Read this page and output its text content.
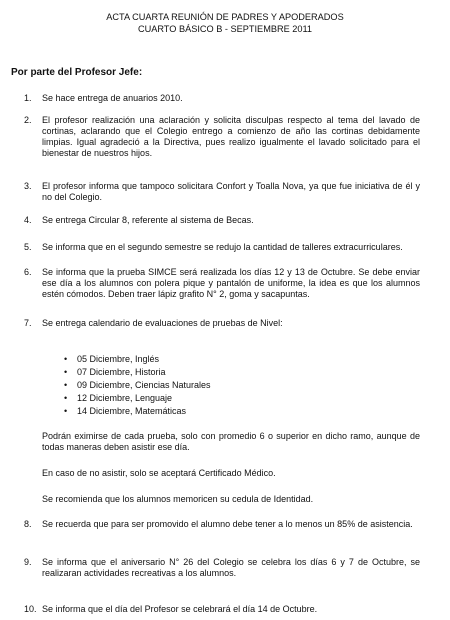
ACTA CUARTA REUNIÓN DE PADRES Y APODERADOS
CUARTO BÁSICO B - SEPTIEMBRE 2011
Por parte del Profesor Jefe:
1.	Se hace entrega de anuarios 2010.
2.	El profesor realización una aclaración y solicita disculpas respecto al tema del lavado de cortinas, aclarando que el Colegio entrego a comienzo de año las cortinas debidamente limpias. Igual agradeció a la Directiva, pues realizo igualmente el lavado solicitado para el bienestar de nuestros hijos.
3.	El profesor informa que tampoco solicitara Confort y Toalla Nova, ya que fue iniciativa de él y no del Colegio.
4.	Se entrega Circular 8, referente al sistema de Becas.
5.	Se informa que en el segundo semestre se redujo la cantidad de talleres extracurriculares.
6.	Se informa que la prueba SIMCE será realizada los días 12 y 13 de Octubre. Se debe enviar ese día a los alumnos con polera pique y pantalón de uniforme, la idea es que los alumnos estén cómodos. Deben traer lápiz grafito N° 2, goma y sacapuntas.
7.	Se entrega calendario de evaluaciones de pruebas de Nivel:
• 05 Diciembre, Inglés
• 07 Diciembre, Historia
• 09 Diciembre, Ciencias Naturales
• 12 Diciembre, Lenguaje
• 14 Diciembre, Matemáticas
Podrán eximirse de cada prueba, solo con promedio 6 o superior en dicho ramo, aunque de todas maneras deben asistir ese día.
En caso de no asistir, solo se aceptará Certificado Médico.
Se recomienda que los alumnos memoricen su cedula de Identidad.
8.	Se recuerda que para ser promovido el alumno debe tener a lo menos un 85% de asistencia.
9.	Se informa que el aniversario N° 26 del Colegio se celebra los días 6 y 7 de Octubre, se realizaran actividades recreativas a los alumnos.
10. Se informa que el día del Profesor se celebrará el día 14 de Octubre.
